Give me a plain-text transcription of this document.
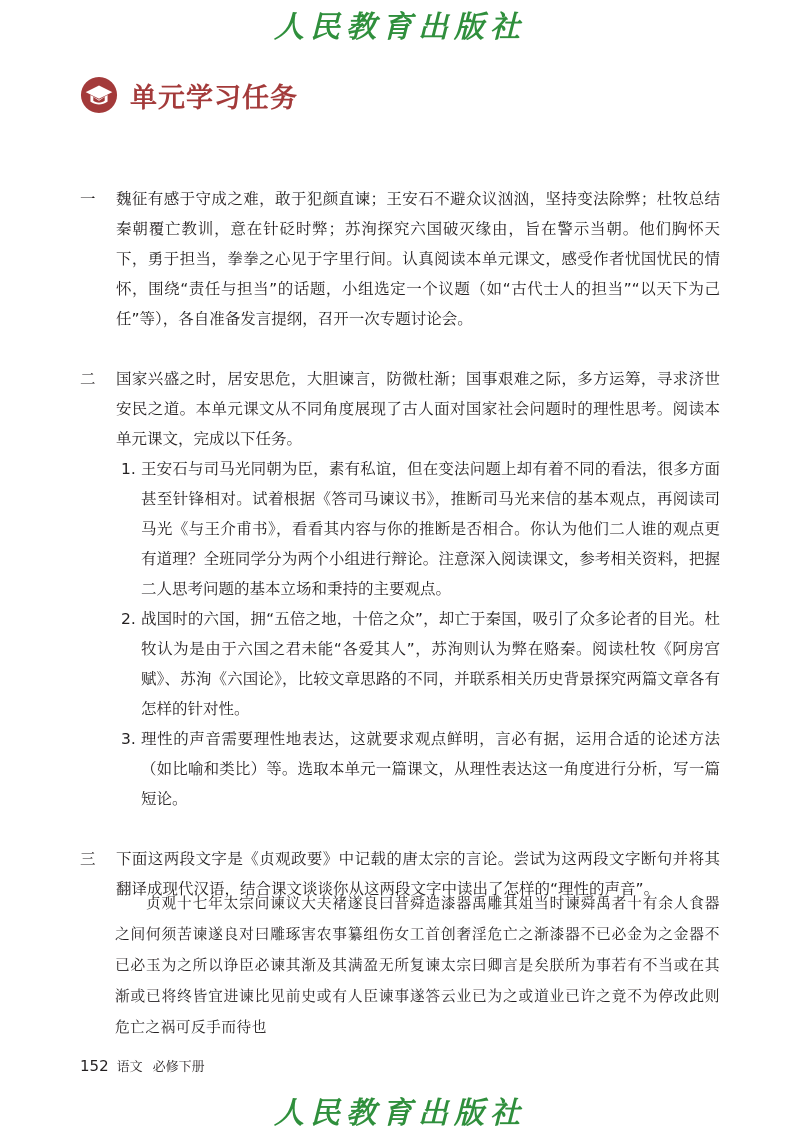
人民教育出版社
单元学习任务
一	魏征有感于守成之难，敢于犯颜直谏；王安石不避众议汹汹，坚持变法除弊；杜牧总结秦朝覆亡教训，意在针砭时弊；苏洵探究六国破灭缘由，旨在警示当朝。他们胸怀天下，勇于担当，拳拳之心见于字里行间。认真阅读本单元课文，感受作者忧国忧民的情怀，围绕“责任与担当”的话题，小组选定一个议题（如“古代士人的担当”“以天下为己任”等），各自准备发言提纲，召开一次专题讨论会。
二	国家兴盛之时，居安思危，大胆谏言，防微杜渐；国事艰难之际，多方运筹，寻求济世安民之道。本单元课文从不同角度展现了古人面对国家社会问题时的理性思考。阅读本单元课文，完成以下任务。
1. 王安石与司马光同朝为臣，素有私谊，但在变法问题上却有着不同的看法，很多方面甚至针锋相对。试着根据《答司马谏议书》，推断司马光来信的基本观点，再阅读司马光《与王介甫书》，看看其内容与你的推断是否相合。你认为他们二人谁的观点更有道理？全班同学分为两个小组进行辩论。注意深入阅读课文，参考相关资料，把握二人思考问题的基本立场和秉持的主要观点。
2. 战国时的六国，拥“五倍之地，十倍之众”，却亡于秦国，吸引了众多论者的目光。杜牧认为是由于六国之君未能“各爱其人”，苏洵则认为弊在赂秦。阅读杜牧《阿房宫赋》、苏洵《六国论》，比较文章思路的不同，并联系相关历史背景探究两篇文章各有怎样的针对性。
3. 理性的声音需要理性地表达，这就要求观点鲜明，言必有据，运用合适的论述方法（如比喻和类比）等。选取本单元一篇课文，从理性表达这一角度进行分析，写一篇短论。
三	下面这两段文字是《贞观政要》中记载的唐太宗的言论。尝试为这两段文字断句并将其翻译成现代汉语，结合课文谈谈你从这两段文字中读出了怎样的“理性的声音”。
贞观十七年太宗问谏议大夫褚遂良曰昔舜造漆器禹雕其俎当时谏舜禹者十有余人食器之间何须苦谏遂良对曰雕琢害农事纂组伤女工首创奢淫危亡之渐漆器不已必金为之金器不已必玉为之所以诤臣必谏其渐及其满盈无所复谏太宗曰卿言是矣朕所为事若有不当或在其渐或已将终皆宜进谏比见前史或有人臣谏事遂答云业已为之或道业已许之竟不为停改此则危亡之祸可反手而待也
152 语文 必修下册
人民教育出版社
